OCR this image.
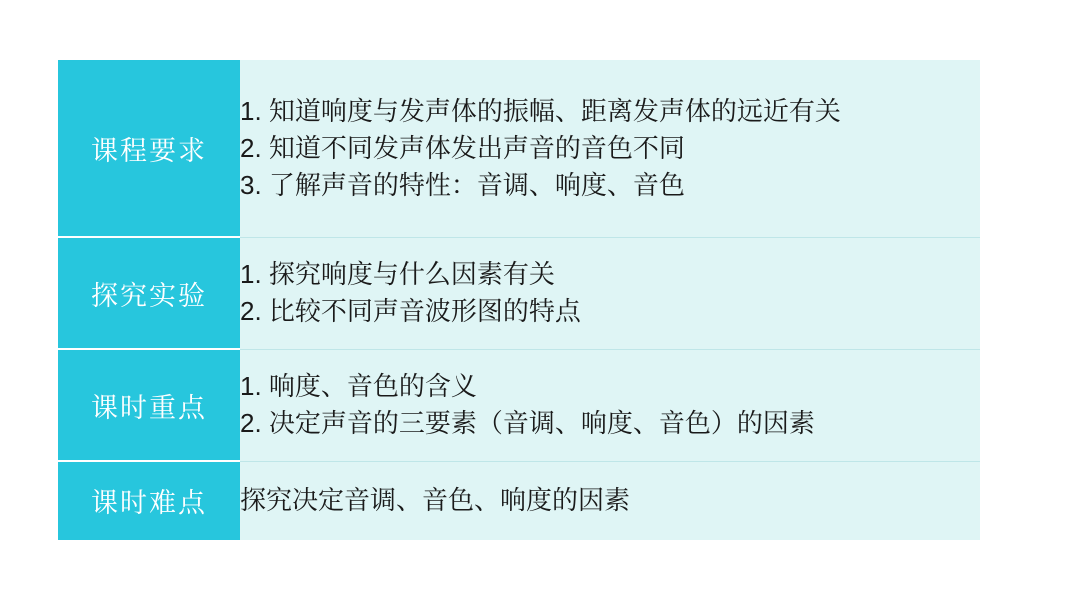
课程要求	1. 知道响度与发声体的振幅、距离发声体的远近有关
2. 知道不同发声体发出声音的音色不同
3. 了解声音的特性：音调、响度、音色

探究实验	1. 探究响度与什么因素有关
2. 比较不同声音波形图的特点

课时重点	1. 响度、音色的含义
2. 决定声音的三要素（音调、响度、音色）的因素

课时难点	探究决定音调、音色、响度的因素
